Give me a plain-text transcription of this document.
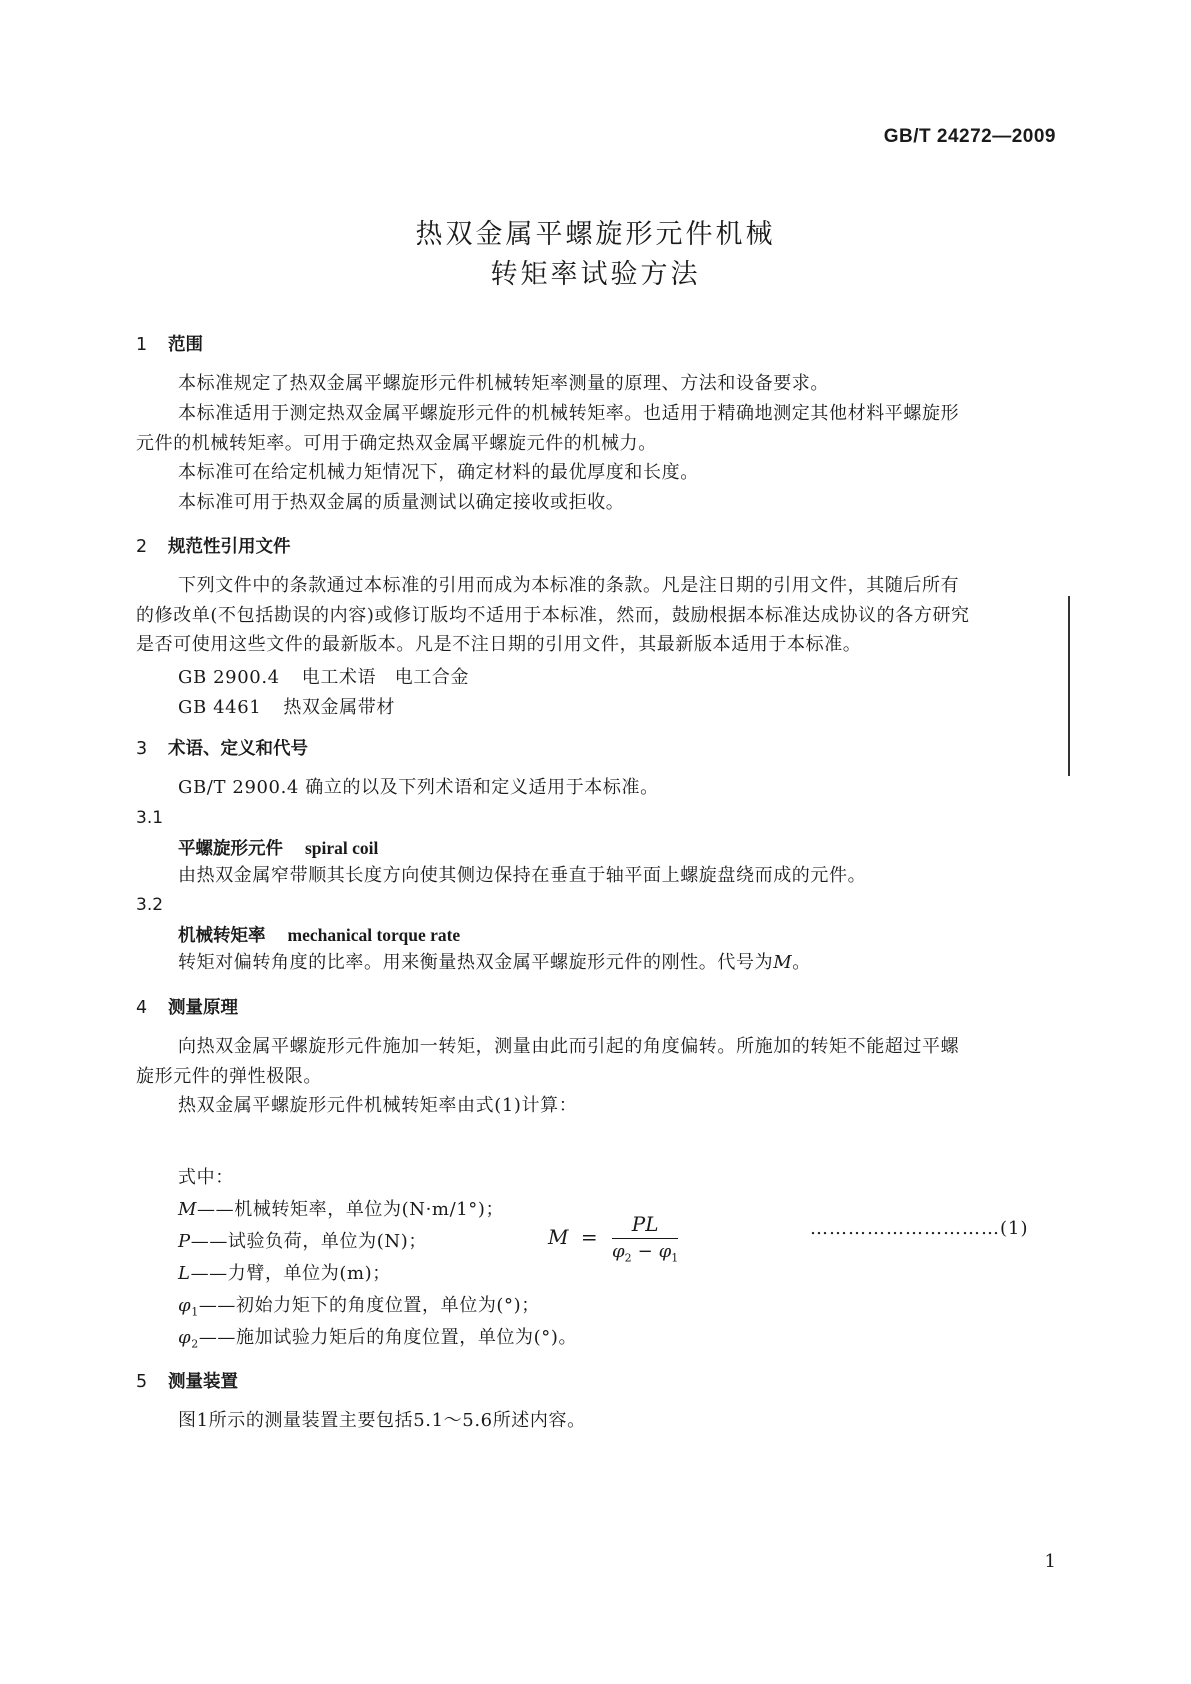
GB/T 24272—2009
热双金属平螺旋形元件机械
转矩率试验方法
1 范围
本标准规定了热双金属平螺旋形元件机械转矩率测量的原理、方法和设备要求。
本标准适用于测定热双金属平螺旋形元件的机械转矩率。也适用于精确地测定其他材料平螺旋形
元件的机械转矩率。可用于确定热双金属平螺旋元件的机械力。
本标准可在给定机械力矩情况下，确定材料的最优厚度和长度。
本标准可用于热双金属的质量测试以确定接收或拒收。
2 规范性引用文件
下列文件中的条款通过本标准的引用而成为本标准的条款。凡是注日期的引用文件，其随后所有
的修改单(不包括勘误的内容)或修订版均不适用于本标准，然而，鼓励根据本标准达成协议的各方研究
是否可使用这些文件的最新版本。凡是不注日期的引用文件，其最新版本适用于本标准。
GB 2900.4 电工术语　电工合金
GB 4461 热双金属带材
3 术语、定义和代号
GB/T 2900.4 确立的以及下列术语和定义适用于本标准。
3.1
平螺旋形元件 spiral coil
由热双金属窄带顺其长度方向使其侧边保持在垂直于轴平面上螺旋盘绕而成的元件。
3.2
机械转矩率 mechanical torque rate
转矩对偏转角度的比率。用来衡量热双金属平螺旋形元件的刚性。代号为M。
4 测量原理
向热双金属平螺旋形元件施加一转矩，测量由此而引起的角度偏转。所施加的转矩不能超过平螺
旋形元件的弹性极限。
热双金属平螺旋形元件机械转矩率由式(1)计算：
$M = \frac{PL}{\varphi_2 - \varphi_1}$	…………………………(1)
式中：
M——机械转矩率，单位为(N·m/1°)；
P——试验负荷，单位为(N)；
L——力臂，单位为(m)；
$\varphi_1——$初始力矩下的角度位置，单位为(°)；
$\varphi_2——$施加试验力矩后的角度位置，单位为(°)。
5 测量装置
图1所示的测量装置主要包括5.1～5.6所述内容。
1
